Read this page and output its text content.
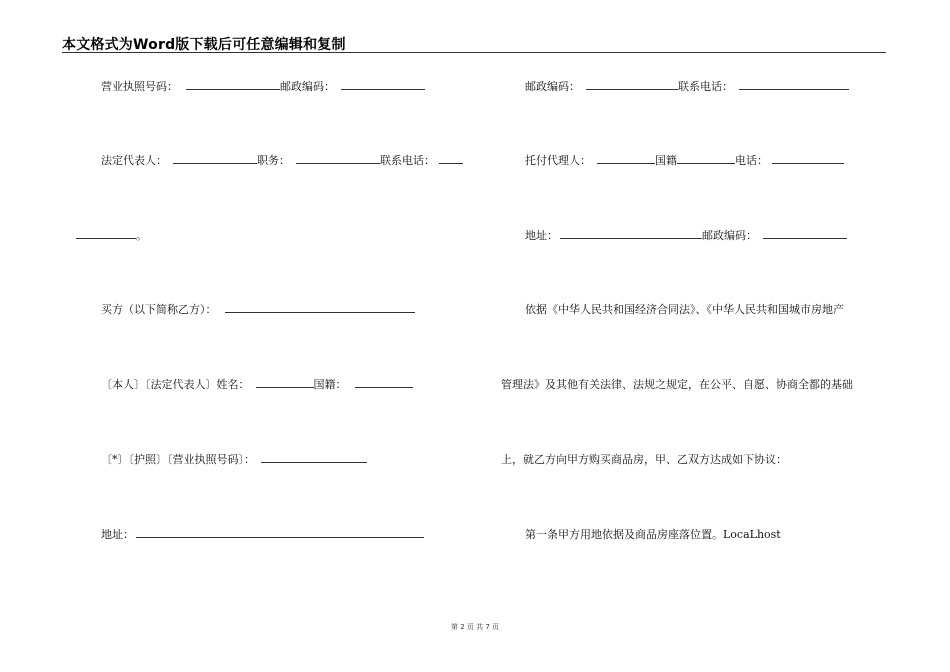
本文格式为Word版下载后可任意编辑和复制
营业执照号码：	邮政编码：
法定代表人：	职务：	联系电话：
。
买方（以下简称乙方）：
〔本人〕〔法定代表人〕姓名：	国籍：
〔*〕〔护照〕〔营业执照号码〕：
地址：
邮政编码：	联系电话：
托付代理人：	国籍	电话：
地址：	邮政编码：
依据《中华人民共和国经济合同法》、《中华人民共和国城市房地产
管理法》及其他有关法律、法规之规定，在公平、自愿、协商全都的基础
上，就乙方向甲方购买商品房，甲、乙双方达成如下协议：
第一条甲方用地依据及商品房座落位置。LocaLhost
第 2 页 共 7 页
